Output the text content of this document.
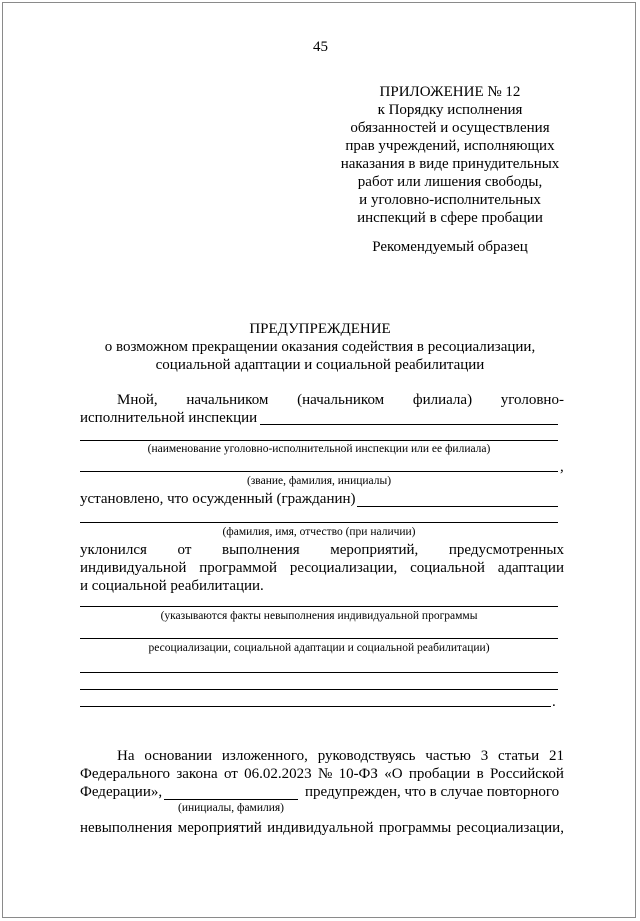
45
ПРИЛОЖЕНИЕ № 12
к Порядку исполнения
обязанностей и осуществления
прав учреждений, исполняющих
наказания в виде принудительных
работ или лишения свободы,
и уголовно-исполнительных
инспекций в сфере пробации
Рекомендуемый образец
ПРЕДУПРЕЖДЕНИЕ
о возможном прекращении оказания содействия в ресоциализации,
социальной адаптации и социальной реабилитации
Мной, начальником (начальником филиала) уголовно-
исполнительной инспекции
(наименование уголовно-исполнительной инспекции или ее филиала)
,
(звание, фамилия, инициалы)
установлено, что осужденный (гражданин)
(фамилия, имя, отчество (при наличии)
уклонился от выполнения мероприятий, предусмотренных
индивидуальной программой ресоциализации, социальной адаптации
и социальной реабилитации.
(указываются факты невыполнения индивидуальной программы
ресоциализации, социальной адаптации и социальной реабилитации)
.
На основании изложенного, руководствуясь частью 3 статьи 21
Федерального закона от 06.02.2023 № 10-ФЗ «О пробации в Российской
Федерации»,	предупрежден, что в случае повторного
(инициалы, фамилия)
невыполнения мероприятий индивидуальной программы ресоциализации,
